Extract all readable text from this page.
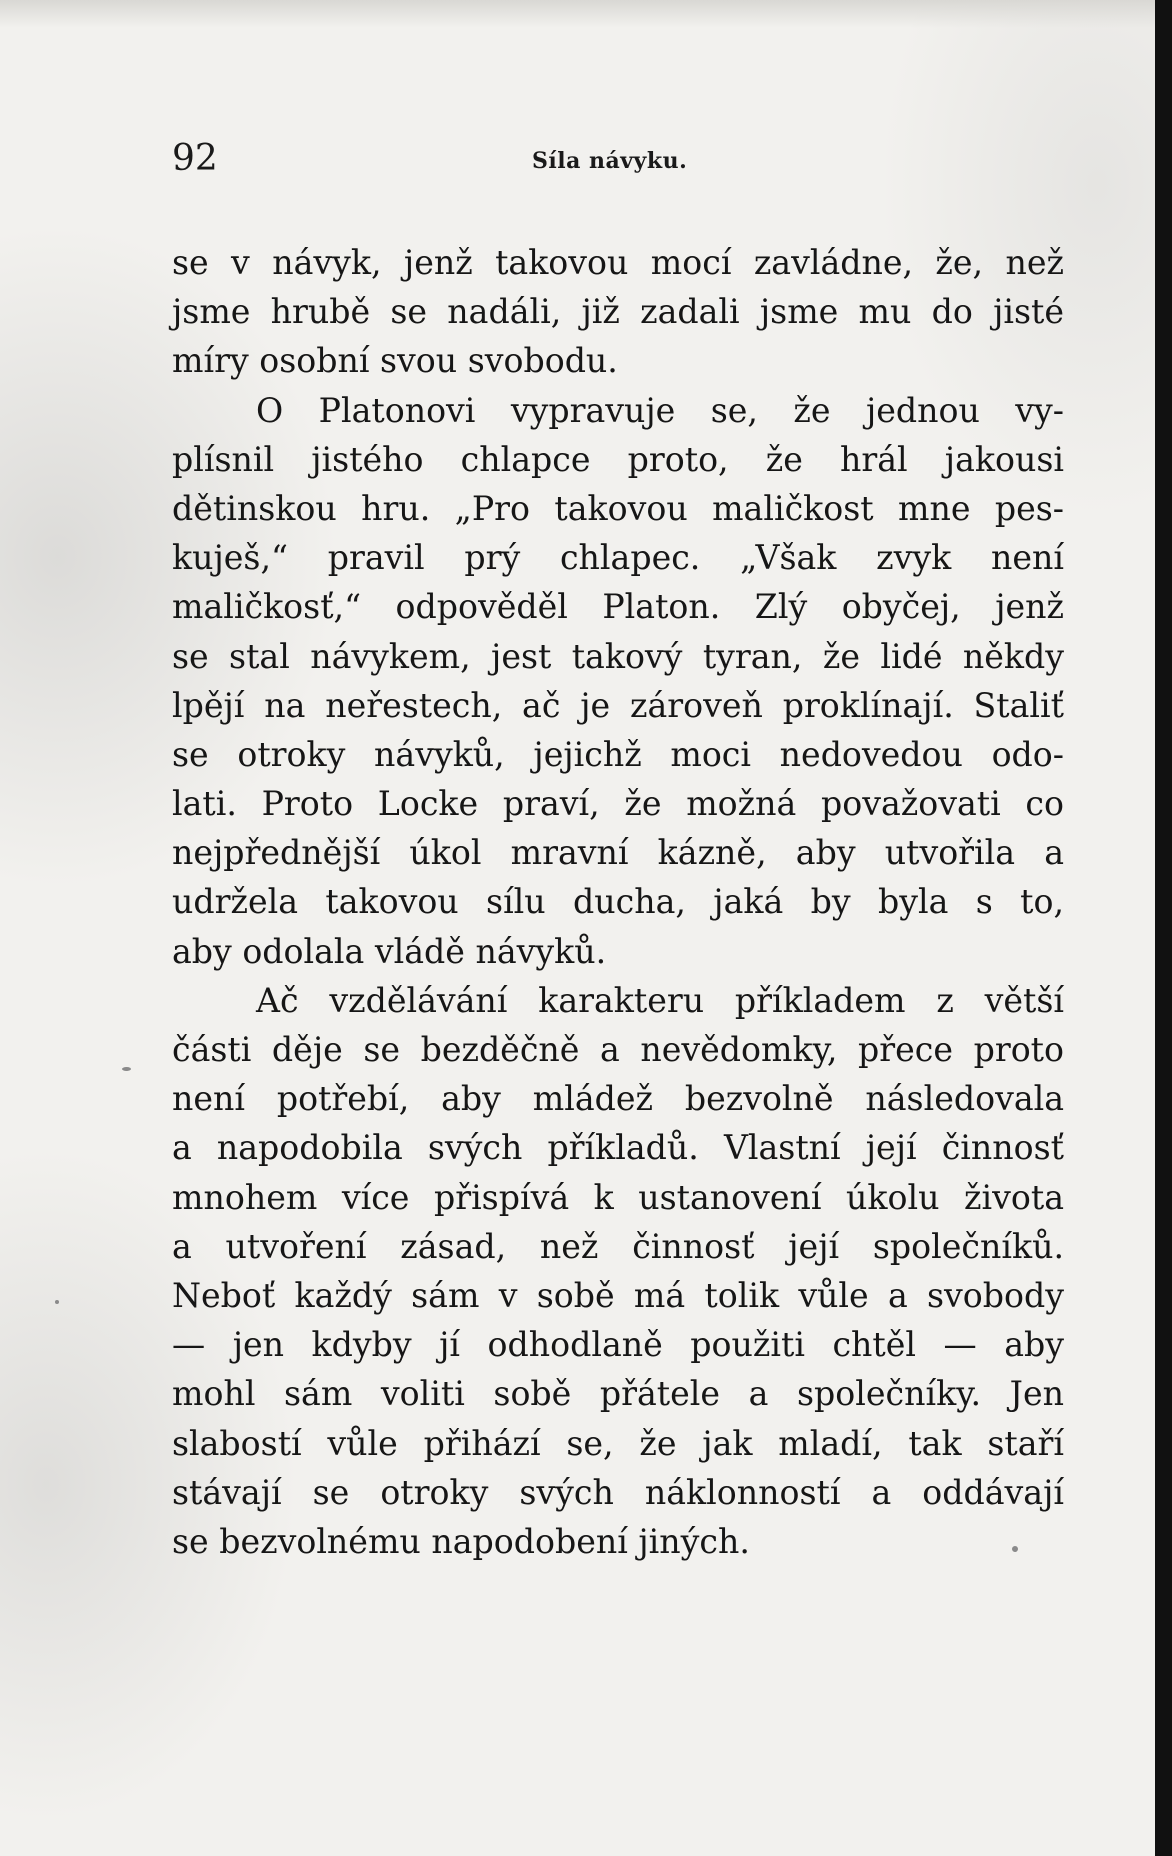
92	Síla návyku.
se v návyk, jenž takovou mocí zavládne, že, než
jsme hrubě se nadáli, již zadali jsme mu do jisté
míry osobní svou svobodu.
O Platonovi vypravuje se, že jednou vy-
plísnil jistého chlapce proto, že hrál jakousi
dětinskou hru. „Pro takovou maličkost mne pes-
kuješ,“ pravil prý chlapec. „Však zvyk není
maličkosť,“ odpověděl Platon. Zlý obyčej, jenž
se stal návykem, jest takový tyran, že lidé někdy
lpějí na neřestech, ač je zároveň proklínají. Staliť
se otroky návyků, jejichž moci nedovedou odo-
lati. Proto Locke praví, že možná považovati co
nejpřednější úkol mravní kázně, aby utvořila a
udržela takovou sílu ducha, jaká by byla s to,
aby odolala vládě návyků.
Ač vzdělávání karakteru příkladem z větší
části děje se bezděčně a nevědomky, přece proto
není potřebí, aby mládež bezvolně následovala
a napodobila svých příkladů. Vlastní její činnosť
mnohem více přispívá k ustanovení úkolu života
a utvoření zásad, než činnosť její společníků.
Neboť každý sám v sobě má tolik vůle a svobody
— jen kdyby jí odhodlaně použiti chtěl — aby
mohl sám voliti sobě přátele a společníky. Jen
slabostí vůle přihází se, že jak mladí, tak staří
stávají se otroky svých náklonností a oddávají
se bezvolnému napodobení jiných.
